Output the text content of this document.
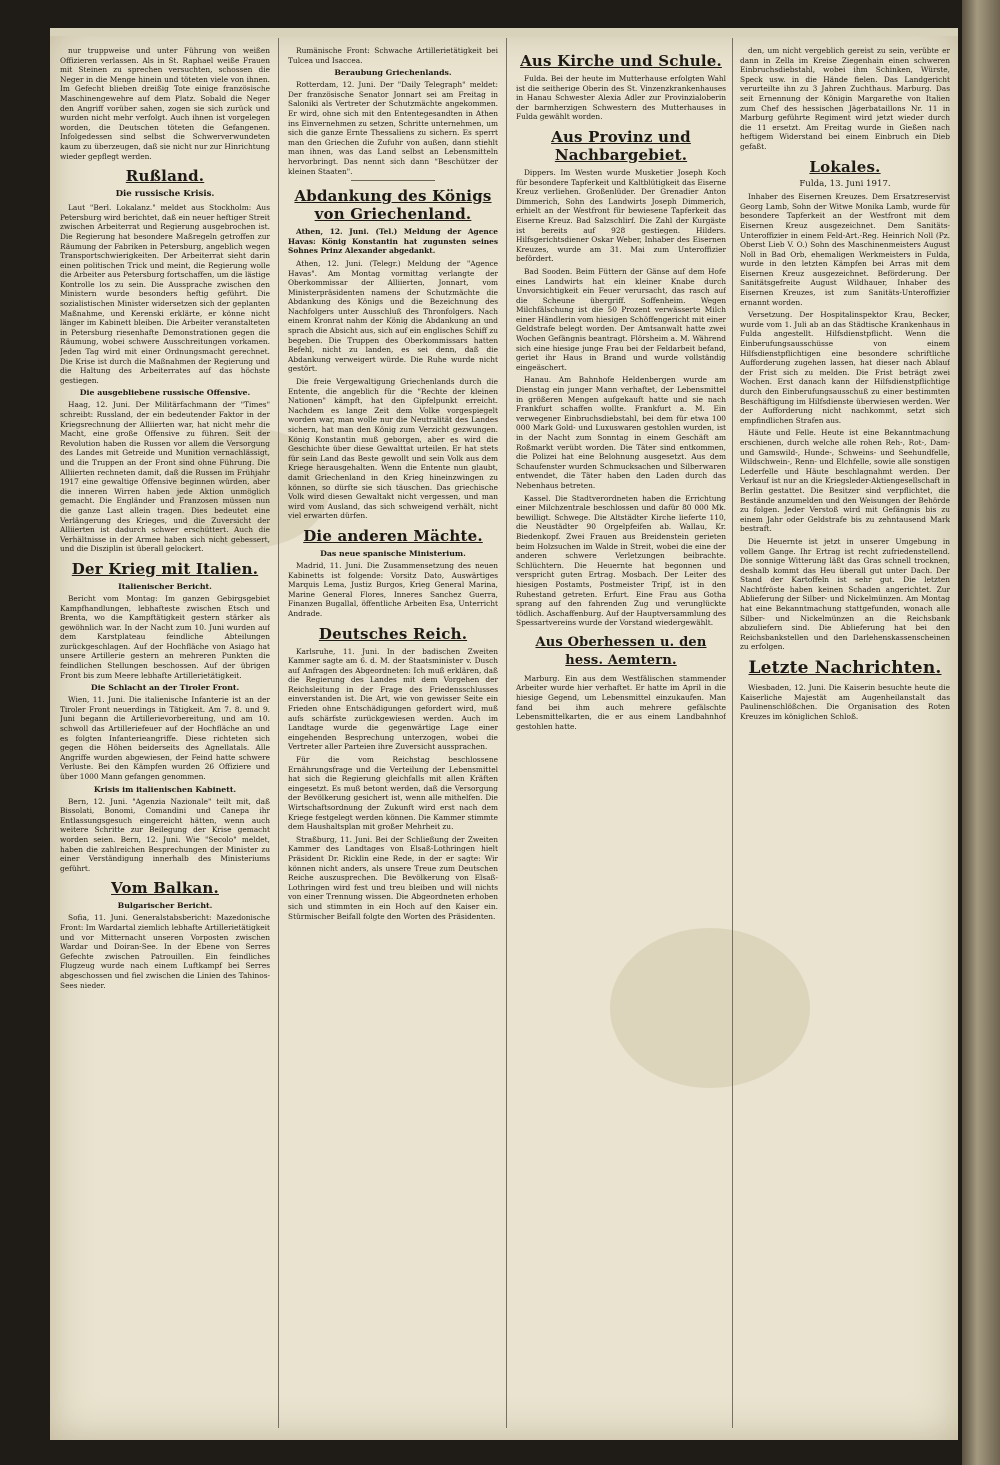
nur truppweise und unter Führung von weißen Offizieren verlassen. Als in St. Raphael weiße Frauen mit Steinen zu sprechen versuchten, schossen die Neger in die Menge hinein und töteten viele von ihnen. Im Gefecht blieben dreißig Tote einige französische Maschinengewehre auf dem Platz. Sobald die Neger den Angriff vorüber sahen, zogen sie sich zurück und wurden nicht mehr verfolgt. Auch ihnen ist vorgelegen worden, die Deutschen töteten die Gefangenen. Infolgedessen sind selbst die Schwerverwundeten kaum zu überzeugen, daß sie nicht nur zur Hinrichtung wieder gepflegt werden.

Rußland.
Die russische Krisis.

Laut "Berl. Lokalanz." meldet aus Stockholm: Aus Petersburg wird berichtet, daß ein neuer heftiger Streit zwischen Arbeiterrat und Regierung ausgebrochen ist. Die Regierung hat besondere Maßregeln getroffen zur Räumung der Fabriken in Petersburg, angeblich wegen Transportschwierigkeiten. Der Arbeiterrat sieht darin einen politischen Trick und meint, die Regierung wolle die Arbeiter aus Petersburg fortschaffen, um die lästige Kontrolle los zu sein. Die Aussprache zwischen den Ministern wurde besonders heftig geführt. Die sozialistischen Minister widersetzen sich der geplanten Maßnahme, und Kerenski erklärte, er könne nicht länger im Kabinett bleiben. Die Arbeiter veranstalteten in Petersburg riesenhafte Demonstrationen gegen die Räumung, wobei schwere Ausschreitungen vorkamen. Jeden Tag wird mit einer Ordnungsmacht gerechnet. Die Krise ist durch die Maßnahmen der Regierung und die Haltung des Arbeiterrates auf das höchste gestiegen.

Die ausgebliebene russische Offensive.

Haag, 12. Juni. Der Militärfachmann der "Times" schreibt: Russland, der ein bedeutender Faktor in der Kriegsrechnung der Alliierten war, hat nicht mehr die Macht, eine große Offensive zu führen. Seit der Revolution haben die Russen vor allem die Versorgung des Landes mit Getreide und Munition vernachlässigt, und die Truppen an der Front sind ohne Führung. Die Alliierten rechneten damit, daß die Russen im Frühjahr 1917 eine gewaltige Offensive beginnen würden, aber die inneren Wirren haben jede Aktion unmöglich gemacht. Die Engländer und Franzosen müssen nun die ganze Last allein tragen. Dies bedeutet eine Verlängerung des Krieges, und die Zuversicht der Alliierten ist dadurch schwer erschüttert. Auch die Verhältnisse in der Armee haben sich nicht gebessert, und die Disziplin ist überall gelockert.

Der Krieg mit Italien.
Italienischer Bericht.

Bericht vom Montag: Im ganzen Gebirgsgebiet Kampfhandlungen, lebhafteste zwischen Etsch und Brenta, wo die Kampftätigkeit gestern stärker als gewöhnlich war. In der Nacht zum 10. Juni wurden auf dem Karstplateau feindliche Abteilungen zurückgeschlagen. Auf der Hochfläche von Asiago hat unsere Artillerie gestern an mehreren Punkten die feindlichen Stellungen beschossen. Auf der übrigen Front bis zum Meere lebhafte Artillerietätigkeit.

Die Schlacht an der Tiroler Front.

Wien, 11. Juni. Die italienische Infanterie ist an der Tiroler Front neuerdings in Tätigkeit. Am 7. 8. und 9. Juni begann die Artillerievorbereitung, und am 10. schwoll das Artilleriefeuer auf der Hochfläche an und es folgten Infanterieangriffe. Diese richteten sich gegen die Höhen beiderseits des Agnellatals. Alle Angriffe wurden abgewiesen, der Feind hatte schwere Verluste. Bei den Kämpfen wurden 26 Offiziere und über 1000 Mann gefangen genommen.

Krisis im italienischen Kabinett.

Bern, 12. Juni. "Agenzia Nazionale" teilt mit, daß Bissolati, Bonomi, Comandini und Canepa ihr Entlassungsgesuch eingereicht hätten, wenn auch weitere Schritte zur Beilegung der Krise gemacht worden seien. Bern, 12. Juni. Wie "Secolo" meldet, haben die zahlreichen Besprechungen der Minister zu einer Verständigung innerhalb des Ministeriums geführt.

Vom Balkan.
Bulgarischer Bericht.

Sofia, 11. Juni. Generalstabsbericht: Mazedonische Front: Im Wardartal ziemlich lebhafte Artillerietätigkeit und vor Mitternacht unseren Vorposten zwischen Wardar und Doiran-See. In der Ebene von Serres Gefechte zwischen Patrouillen. Ein feindliches Flugzeug wurde nach einem Luftkampf bei Serres abgeschossen und fiel zwischen die Linien des Tahinos-Sees nieder.

Rumänische Front: Schwache Artillerietätigkeit bei Tulcea und Isaccea.

Beraubung Griechenlands.

Rotterdam, 12. Juni. Der "Daily Telegraph" meldet: Der französische Senator Jonnart sei am Freitag in Saloniki als Vertreter der Schutzmächte angekommen. Er wird, ohne sich mit den Ententegesandten in Athen ins Einvernehmen zu setzen, Schritte unternehmen, um sich die ganze Ernte Thessaliens zu sichern. Es sperrt man den Griechen die Zufuhr von außen, dann stiehlt man ihnen, was das Land selbst an Lebensmitteln hervorbringt. Das nennt sich dann "Beschützer der kleinen Staaten".

Abdankung des Königs von Griechenland.

Athen, 12. Juni. (Tel.) Meldung der Agence Havas: König Konstantin hat zugunsten seines Sohnes Prinz Alexander abgedankt.

Athen, 12. Juni. (Telegr.) Meldung der "Agence Havas". Am Montag vormittag verlangte der Oberkommissar der Alliierten, Jonnart, vom Ministerpräsidenten namens der Schutzmächte die Abdankung des Königs und die Bezeichnung des Nachfolgers unter Ausschluß des Thronfolgers. Nach einem Kronrat nahm der König die Abdankung an und sprach die Absicht aus, sich auf ein englisches Schiff zu begeben. Die Truppen des Oberkommissars hatten Befehl, nicht zu landen, es sei denn, daß die Abdankung verweigert würde. Die Ruhe wurde nicht gestört.

Die freie Vergewaltigung Griechenlands durch die Entente, die angeblich für die "Rechte der kleinen Nationen" kämpft, hat den Gipfelpunkt erreicht. Nachdem es lange Zeit dem Volke vorgespiegelt worden war, man wolle nur die Neutralität des Landes sichern, hat man den König zum Verzicht gezwungen. König Konstantin muß geborgen, aber es wird die Geschichte über diese Gewalttat urteilen. Er hat stets für sein Land das Beste gewollt und sein Volk aus dem Kriege herausgehalten. Wenn die Entente nun glaubt, damit Griechenland in den Krieg hineinzwingen zu können, so dürfte sie sich täuschen. Das griechische Volk wird diesen Gewaltakt nicht vergessen, und man wird vom Ausland, das sich schweigend verhält, nicht viel erwarten dürfen.

Die anderen Mächte.
Das neue spanische Ministerium.

Madrid, 11. Juni. Die Zusammensetzung des neuen Kabinetts ist folgende: Vorsitz Dato, Auswärtiges Marquis Lema, Justiz Burgos, Krieg General Marina, Marine General Flores, Inneres Sanchez Guerra, Finanzen Bugallal, öffentliche Arbeiten Esa, Unterricht Andrade.

Deutsches Reich.

Karlsruhe, 11. Juni. In der badischen Zweiten Kammer sagte am 6. d. M. der Staatsminister v. Dusch auf Anfragen des Abgeordneten: Ich muß erklären, daß die Regierung des Landes mit dem Vorgehen der Reichsleitung in der Frage des Friedensschlusses einverstanden ist. Die Art, wie von gewisser Seite ein Frieden ohne Entschädigungen gefordert wird, muß aufs schärfste zurückgewiesen werden. Auch im Landtage wurde die gegenwärtige Lage einer eingehenden Besprechung unterzogen, wobei die Vertreter aller Parteien ihre Zuversicht aussprachen.

Für die vom Reichstag beschlossene Ernährungsfrage und die Verteilung der Lebensmittel hat sich die Regierung gleichfalls mit allen Kräften eingesetzt. Es muß betont werden, daß die Versorgung der Bevölkerung gesichert ist, wenn alle mithelfen. Die Wirtschaftsordnung der Zukunft wird erst nach dem Kriege festgelegt werden können. Die Kammer stimmte dem Haushaltsplan mit großer Mehrheit zu.

Straßburg, 11. Juni. Bei der Schließung der Zweiten Kammer des Landtages von Elsaß-Lothringen hielt Präsident Dr. Ricklin eine Rede, in der er sagte: Wir können nicht anders, als unsere Treue zum Deutschen Reiche auszusprechen. Die Bevölkerung von Elsaß-Lothringen wird fest und treu bleiben und will nichts von einer Trennung wissen. Die Abgeordneten erhoben sich und stimmten in ein Hoch auf den Kaiser ein. Stürmischer Beifall folgte den Worten des Präsidenten.

Aus Kirche und Schule.

Fulda. Bei der heute im Mutterhause erfolgten Wahl ist die seitherige Oberin des St. Vinzenzkrankenhauses in Hanau Schwester Alexia Adler zur Provinzialoberin der barmherzigen Schwestern des Mutterhauses in Fulda gewählt worden.

Aus Provinz und Nachbargebiet.

Dippers. Im Westen wurde Musketier Joseph Koch für besondere Tapferkeit und Kaltblütigkeit das Eiserne Kreuz verliehen. Großenlüder. Der Grenadier Anton Dimmerich, Sohn des Landwirts Joseph Dimmerich, erhielt an der Westfront für bewiesene Tapferkeit das Eiserne Kreuz. Bad Salzschlirf. Die Zahl der Kurgäste ist bereits auf 928 gestiegen. Hilders. Hilfsgerichtsdiener Oskar Weber, Inhaber des Eisernen Kreuzes, wurde am 31. Mai zum Unteroffizier befördert.

Bad Sooden. Beim Füttern der Gänse auf dem Hofe eines Landwirts hat ein kleiner Knabe durch Unvorsichtigkeit ein Feuer verursacht, das rasch auf die Scheune übergriff. Soffenheim. Wegen Milchfälschung ist die 50 Prozent verwässerte Milch einer Händlerin vom hiesigen Schöffengericht mit einer Geldstrafe belegt worden. Der Amtsanwalt hatte zwei Wochen Gefängnis beantragt. Flörsheim a. M. Während sich eine hiesige junge Frau bei der Feldarbeit befand, geriet ihr Haus in Brand und wurde vollständig eingeäschert.

Hanau. Am Bahnhofe Heldenbergen wurde am Dienstag ein junger Mann verhaftet, der Lebensmittel in größeren Mengen aufgekauft hatte und sie nach Frankfurt schaffen wollte. Frankfurt a. M. Ein verwegener Einbruchsdiebstahl, bei dem für etwa 100 000 Mark Gold- und Luxuswaren gestohlen wurden, ist in der Nacht zum Sonntag in einem Geschäft am Roßmarkt verübt worden. Die Täter sind entkommen, die Polizei hat eine Belohnung ausgesetzt. Aus dem Schaufenster wurden Schmucksachen und Silberwaren entwendet, die Täter haben den Laden durch das Nebenhaus betreten.

Kassel. Die Stadtverordneten haben die Errichtung einer Milchzentrale beschlossen und dafür 80 000 Mk. bewilligt. Schwege. Die Altstädter Kirche lieferte 110, die Neustädter 90 Orgelpfeifen ab. Wallau, Kr. Biedenkopf. Zwei Frauen aus Breidenstein gerieten beim Holzsuchen im Walde in Streit, wobei die eine der anderen schwere Verletzungen beibrachte. Schlüchtern. Die Heuernte hat begonnen und verspricht guten Ertrag. Mosbach. Der Leiter des hiesigen Postamts, Postmeister Tripf, ist in den Ruhestand getreten. Erfurt. Eine Frau aus Gotha sprang auf den fahrenden Zug und verunglückte tödlich. Aschaffenburg. Auf der Hauptversammlung des Spessartvereins wurde der Vorstand wiedergewählt.

Aus Oberhessen u. den hess. Aemtern.

Marburg. Ein aus dem Westfälischen stammender Arbeiter wurde hier verhaftet. Er hatte im April in die hiesige Gegend, um Lebensmittel einzukaufen. Man fand bei ihm auch mehrere gefälschte Lebensmittelkarten, die er aus einem Landbahnhof gestohlen hatte.

den, um nicht vergeblich gereist zu sein, verübte er dann in Zella im Kreise Ziegenhain einen schweren Einbruchsdiebstahl, wobei ihm Schinken, Würste, Speck usw. in die Hände fielen. Das Landgericht verurteilte ihn zu 3 Jahren Zuchthaus. Marburg. Das seit Ernennung der Königin Margarethe von Italien zum Chef des hessischen Jägerbataillons Nr. 11 in Marburg geführte Regiment wird jetzt wieder durch die 11 ersetzt. Am Freitag wurde in Gießen nach heftigem Widerstand bei einem Einbruch ein Dieb gefaßt.

Lokales.
Fulda, 13. Juni 1917.

Inhaber des Eisernen Kreuzes. Dem Ersatzreservist Georg Lamb, Sohn der Witwe Monika Lamb, wurde für besondere Tapferkeit an der Westfront mit dem Eisernen Kreuz ausgezeichnet. Dem Sanitäts-Unteroffizier in einem Feld-Art.-Reg. Heinrich Noll (Pz. Oberst Lieb V. O.) Sohn des Maschinenmeisters August Noll in Bad Orb, ehemaligen Werkmeisters in Fulda, wurde in den letzten Kämpfen bei Arras mit dem Eisernen Kreuz ausgezeichnet. Beförderung. Der Sanitätsgefreite August Wildhauer, Inhaber des Eisernen Kreuzes, ist zum Sanitäts-Unteroffizier ernannt worden.

Versetzung. Der Hospitalinspektor Krau, Becker, wurde vom 1. Juli ab an das Städtische Krankenhaus in Fulda angestellt. Hilfsdienstpflicht. Wenn die Einberufungsausschüsse von einem Hilfsdienstpflichtigen eine besondere schriftliche Aufforderung zugehen lassen, hat dieser nach Ablauf der Frist sich zu melden. Die Frist beträgt zwei Wochen. Erst danach kann der Hilfsdienstpflichtige durch den Einberufungsausschuß zu einer bestimmten Beschäftigung im Hilfsdienste überwiesen werden. Wer der Aufforderung nicht nachkommt, setzt sich empfindlichen Strafen aus.

Häute und Felle. Heute ist eine Bekanntmachung erschienen, durch welche alle rohen Reh-, Rot-, Dam- und Gamswild-, Hunde-, Schweins- und Seehundfelle, Wildschwein-, Renn- und Elchfelle, sowie alle sonstigen Lederfelle und Häute beschlagnahmt werden. Der Verkauf ist nur an die Kriegsleder-Aktiengesellschaft in Berlin gestattet. Die Besitzer sind verpflichtet, die Bestände anzumelden und den Weisungen der Behörde zu folgen. Jeder Verstoß wird mit Gefängnis bis zu einem Jahr oder Geldstrafe bis zu zehntausend Mark bestraft.

Die Heuernte ist jetzt in unserer Umgebung in vollem Gange. Ihr Ertrag ist recht zufriedenstellend. Die sonnige Witterung läßt das Gras schnell trocknen, deshalb kommt das Heu überall gut unter Dach. Der Stand der Kartoffeln ist sehr gut. Die letzten Nachtfröste haben keinen Schaden angerichtet. Zur Ablieferung der Silber- und Nickelmünzen. Am Montag hat eine Bekanntmachung stattgefunden, wonach alle Silber- und Nickelmünzen an die Reichsbank abzuliefern sind. Die Ablieferung hat bei den Reichsbankstellen und den Darlehenskassenscheinen zu erfolgen.

Letzte Nachrichten.

Wiesbaden, 12. Juni. Die Kaiserin besuchte heute die Kaiserliche Majestät am Augenheilanstalt das Paulinenschlößchen. Die Organisation des Roten Kreuzes im königlichen Schloß.
